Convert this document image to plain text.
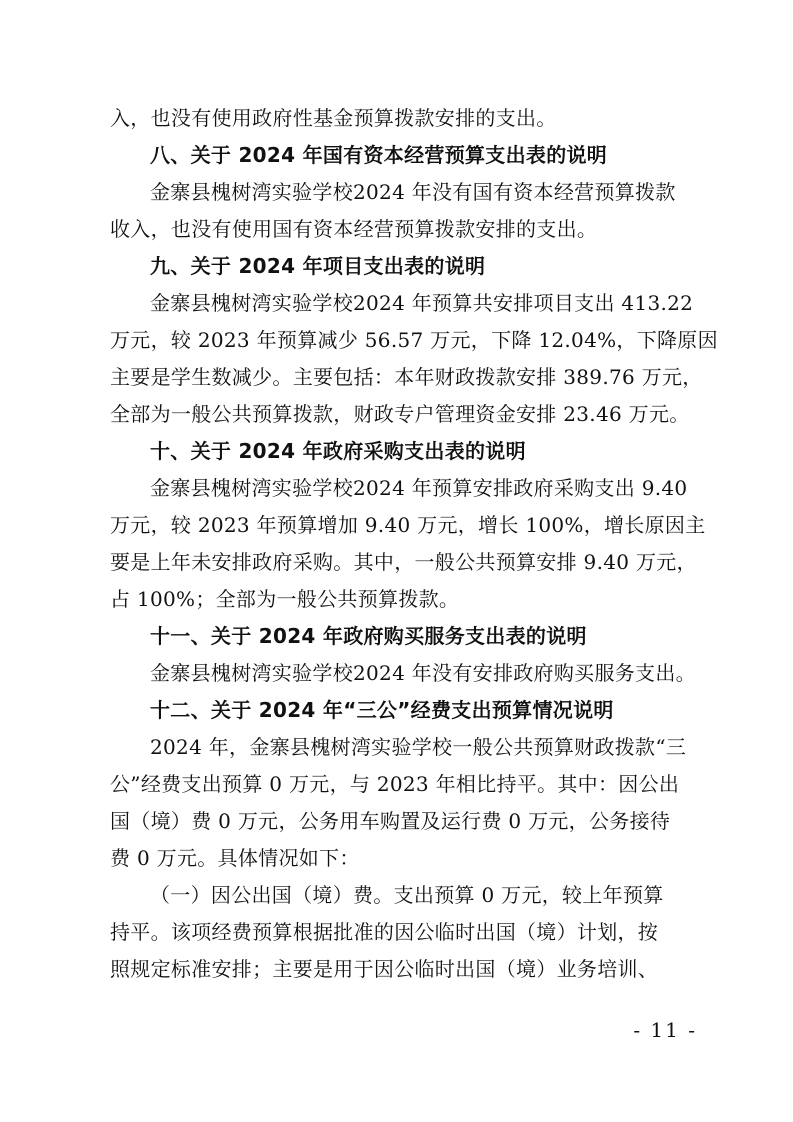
入，也没有使用政府性基金预算拨款安排的支出。
八、关于 2024 年国有资本经营预算支出表的说明
金寨县槐树湾实验学校2024 年没有国有资本经营预算拨款
收入，也没有使用国有资本经营预算拨款安排的支出。
九、关于 2024 年项目支出表的说明
金寨县槐树湾实验学校2024 年预算共安排项目支出 413.22
万元，较 2023 年预算减少 56.57 万元，下降 12.04%，下降原因
主要是学生数减少。主要包括：本年财政拨款安排 389.76 万元，
全部为一般公共预算拨款，财政专户管理资金安排 23.46 万元。
十、关于 2024 年政府采购支出表的说明
金寨县槐树湾实验学校2024 年预算安排政府采购支出 9.40
万元，较 2023 年预算增加 9.40 万元，增长 100%，增长原因主
要是上年未安排政府采购。其中，一般公共预算安排 9.40 万元，
占 100%；全部为一般公共预算拨款。
十一、关于 2024 年政府购买服务支出表的说明
金寨县槐树湾实验学校2024 年没有安排政府购买服务支出。
十二、关于 2024 年“三公”经费支出预算情况说明
2024 年，金寨县槐树湾实验学校一般公共预算财政拨款“三
公”经费支出预算 0 万元，与 2023 年相比持平。其中：因公出
国（境）费 0 万元，公务用车购置及运行费 0 万元，公务接待
费 0 万元。具体情况如下：
（一）因公出国（境）费。支出预算 0 万元，较上年预算
持平。该项经费预算根据批准的因公临时出国（境）计划，按
照规定标准安排；主要是用于因公临时出国（境）业务培训、
- 11 -
